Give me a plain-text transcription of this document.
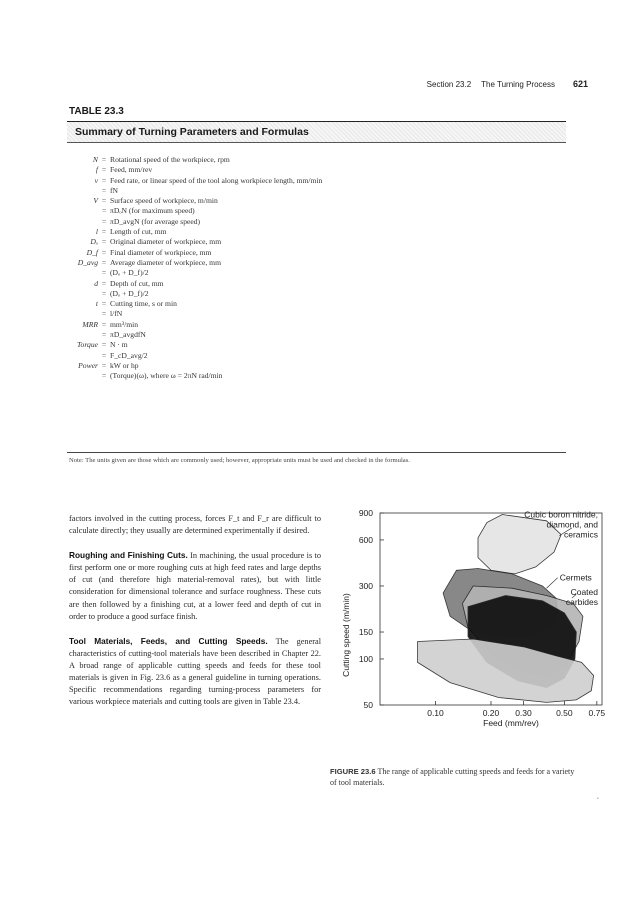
Section 23.2 The Turning Process 621
TABLE 23.3
Summary of Turning Parameters and Formulas
N = Rotational speed of the workpiece, rpm
f = Feed, mm/rev
v = Feed rate, or linear speed of the tool along workpiece length, mm/min
= fN
V = Surface speed of workpiece, m/min
= πDₒN (for maximum speed)
= πD_avgN (for average speed)
l = Length of cut, mm
Dₒ = Original diameter of workpiece, mm
D_f = Final diameter of workpiece, mm
D_avg = Average diameter of workpiece, mm
= (Dₒ + D_f)/2
d = Depth of cut, mm
= (Dₒ + D_f)/2
t = Cutting time, s or min
= l/fN
MRR = mm³/min
= πD_avgdfN
Torque = N · m
= F_cD_avg/2
Power = kW or hp
= (Torque)(ω), where ω = 2πN rad/min
Note: The units given are those which are commonly used; however, appropriate units must be used and checked in the formulas.

factors involved in the cutting process, forces F_t and F_r are difficult to calculate directly; they usually are determined experimentally if desired.

Roughing and Finishing Cuts. In machining, the usual procedure is to first perform one or more roughing cuts at high feed rates and large depths of cut (and therefore high material-removal rates), but with little consideration for dimensional tolerance and surface roughness. These cuts are then followed by a finishing cut, at a lower feed and depth of cut in order to produce a good surface finish.

Tool Materials, Feeds, and Cutting Speeds. The general characteristics of cutting-tool materials have been described in Chapter 22. A broad range of applicable cutting speeds and feeds for these tool materials is given in Fig. 23.6 as a general guideline in turning operations. Specific recommendations regarding turning-process parameters for various workpiece materials and cutting tools are given in Table 23.4.	50
100
150
300
600
900
0.10	0.20 0.30	0.50 0.75
Feed (mm/rev)
Cutting speed (m/min)
Cubic boron nitride,
diamond, and
ceramics
Cermets
Coated
carbides
FIGURE 23.6 The range of applicable cutting speeds and feeds for a variety of tool materials.
•
